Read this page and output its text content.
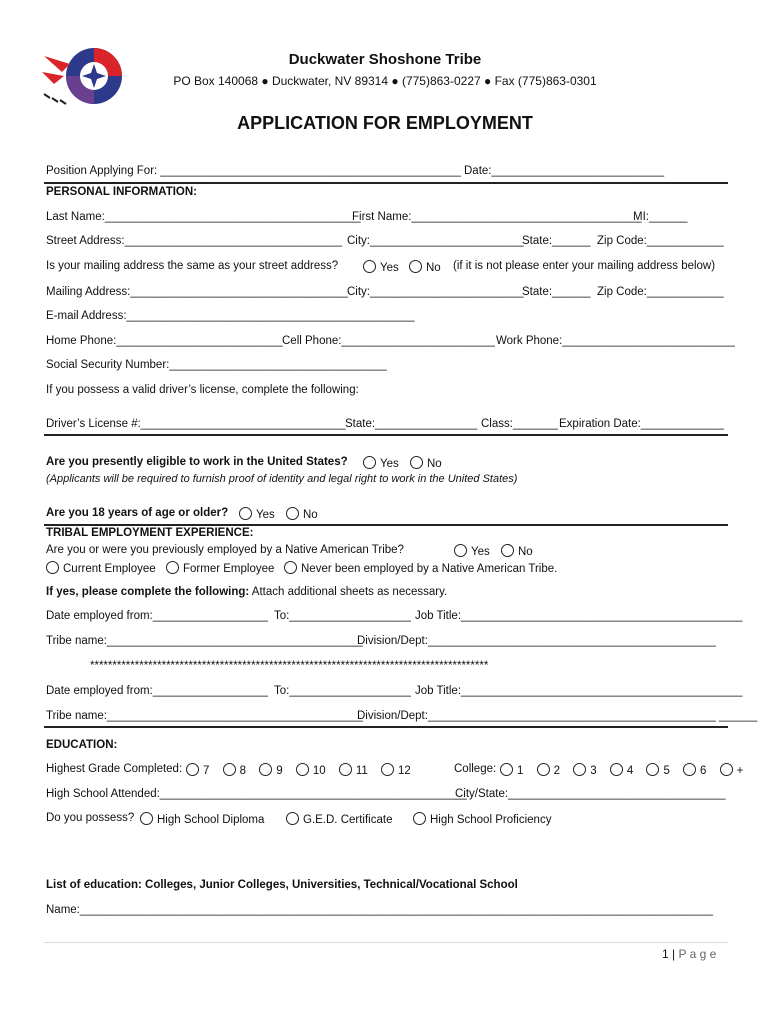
Duckwater Shoshone Tribe
PO Box 140068 ● Duckwater, NV 89314 ● (775)863-0227 ● Fax (775)863-0301
APPLICATION FOR EMPLOYMENT
Position Applying For: _______________________________________________ Date:___________________________
PERSONAL INFORMATION:
Last Name:________________________________________
First Name:____________________________________
MI:______
Street Address:__________________________________ City:________________________
State:______ Zip Code:____________
Is your mailing address the same as your street address?	Yes	No (if it is not please enter your mailing address below)
Mailing Address:__________________________________ City:________________________
State:______ Zip Code:____________
E-mail Address:_____________________________________________
Home Phone:__________________________ Cell Phone:________________________ Work Phone:___________________________
Social Security Number:__________________________________
If you possess a valid driver’s license, complete the following:
Driver’s License #:________________________________ State:________________ Class:_______ Expiration Date:_____________
Are you presently eligible to work in the United States?	Yes	No
(Applicants will be required to furnish proof of identity and legal right to work in the United States)
Are you 18 years of age or older?	Yes	No
TRIBAL EMPLOYMENT EXPERIENCE:
Are you or were you previously employed by a Native American Tribe?	Yes	No
Current Employee	Former Employee	Never been employed by a Native American Tribe.
If yes, please complete the following: Attach additional sheets as necessary.
Date employed from:__________________ To:___________________ Job Title:____________________________________________
Tribe name:________________________________________
Division/Dept:_____________________________________________
*****************************************************************************************
Date employed from:__________________ To:___________________ Job Title:____________________________________________
Tribe name:________________________________________
Division/Dept:_____________________________________________ ______
EDUCATION:
Highest Grade Completed:	7	8	9	10	11	12	College:	1	2	3	4	5	6	+
High School Attended:________________________________________________
City/State:__________________________________
Do you possess?	High School Diploma	G.E.D. Certificate	High School Proficiency
List of education: Colleges, Junior Colleges, Universities, Technical/Vocational School
Name:___________________________________________________________________________________________________
1 | P a g e
